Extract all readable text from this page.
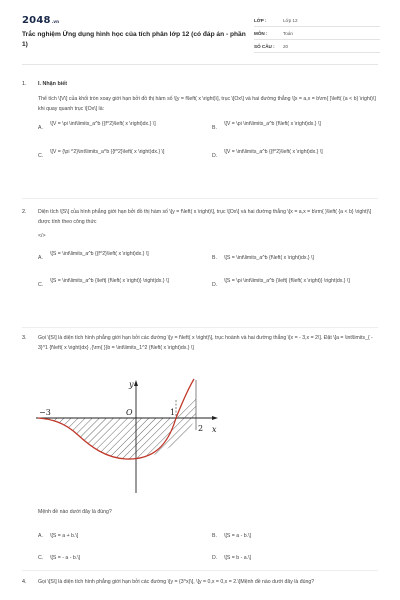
2048.vn
Trắc nghiệm Ứng dụng hình học của tích phân lớp 12 (có đáp án - phần 1)
LỚP :	Lớp 12
MÔN :	Toán
SỐ CÂU :	20
1.	I. Nhận biết
Thể tích \[V\] của khối tròn xoay giới hạn bởi đồ thị hàm số \[y = f\left( x \right)\], trục \[Ox\] và hai đường thẳng \[x = a,x = b\rm{ }\left( {a < b} \right)\] khi quay quanh trục \[Ox\] là:
A.
\[V = \pi \int\limits_a^b {{f^2}\left( x \right)dx.} \]
B.
\[V = \pi \int\limits_a^b {f\left( x \right)dx.} \]
C.
\[V = {\pi ^2}\int\limits_a^b {{f^2}\left( x \right)dx.} \]
D.
\[V = \int\limits_a^b {{f^2}\left( x \right)dx.} \]
2.	Diện tích \[S\] của hình phẳng giới hạn bởi đồ thị hàm số \[y = f\left( x \right)\], trục \[Ox\] và hai đường thẳng \[x = a,x = b\rm{ }\left( {a < b} \right)\] được tính theo công thức
</>
A.
\[S = \int\limits_a^b {{f^2}\left( x \right)dx.} \]
B.	\[S = \int\limits_a^b {f\left( x \right)dx.} \]
C.
\[S = \int\limits_a^b {\left| {f\left( x \right)} \right|dx.} \]
D.
\[S = \pi \int\limits_a^b {\left| {f\left( x \right)} \right|dx.} \]
3.	Gọi \[S\] là diện tích hình phẳng giới hạn bởi các đường \[y = f\left( x \right)\], trục hoành và hai đường thẳng \[x = - 3,x = 2\]. Đặt \[a = \int\limits_{ - 3}^1 {f\left( x \right)dx} ,{\rm{ }}b = \int\limits_1^2 {f\left( x \right)dx.} \]
y
x
O
−3	1
2
Mệnh đề nào dưới đây là đúng?
A.	\[S = a + b.\]	B.	\[S = a - b.\]
C.	\[S = - a - b.\]	D.	\[S = b - a.\]
4.	Gọi \[S\] là diện tích hình phẳng giới hạn bởi các đường \[y = {3^x}\], \[y = 0,x = 0,x = 2.\]Mệnh đề nào dưới đây là đúng?
